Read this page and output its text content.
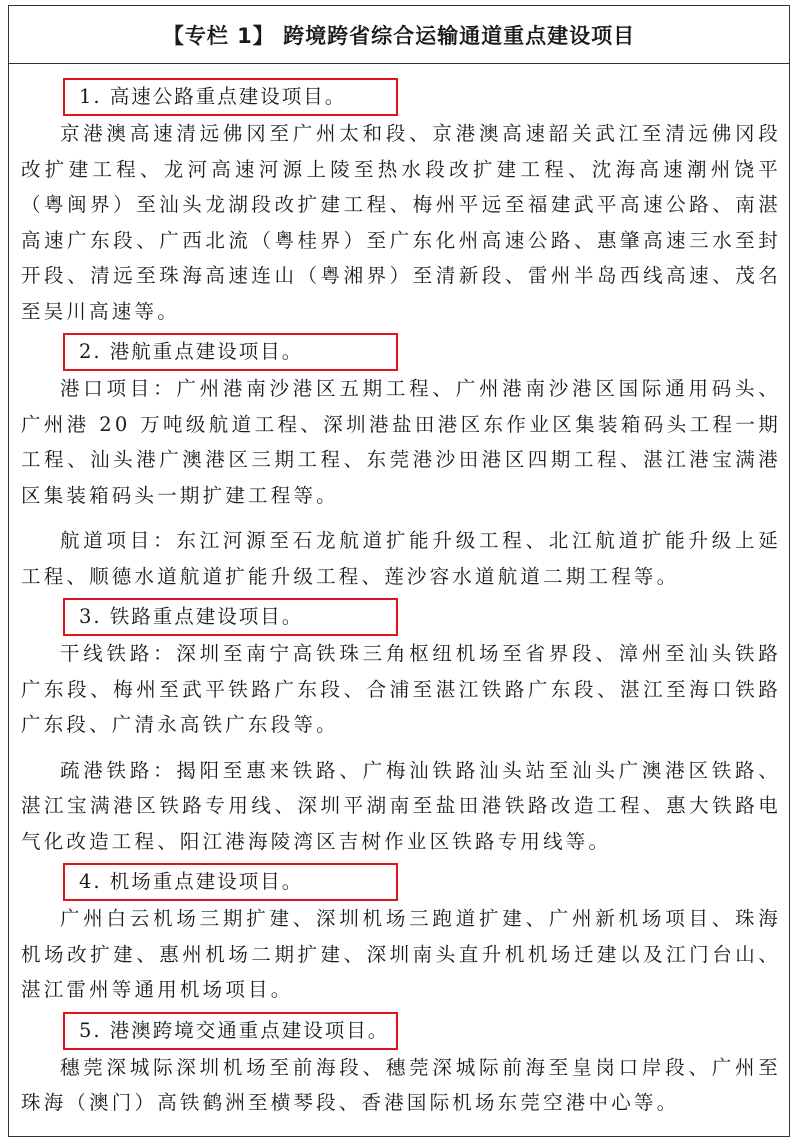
【专栏 1】 跨境跨省综合运输通道重点建设项目
1. 高速公路重点建设项目。

京港澳高速清远佛冈至广州太和段、京港澳高速韶关武江至清远佛冈段改扩建工程、龙河高速河源上陵至热水段改扩建工程、沈海高速潮州饶平（粤闽界）至汕头龙湖段改扩建工程、梅州平远至福建武平高速公路、南湛高速广东段、广西北流（粤桂界）至广东化州高速公路、惠肇高速三水至封开段、清远至珠海高速连山（粤湘界）至清新段、雷州半岛西线高速、茂名至吴川高速等。

2. 港航重点建设项目。

港口项目：广州港南沙港区五期工程、广州港南沙港区国际通用码头、广州港 20 万吨级航道工程、深圳港盐田港区东作业区集装箱码头工程一期工程、汕头港广澳港区三期工程、东莞港沙田港区四期工程、湛江港宝满港区集装箱码头一期扩建工程等。

航道项目：东江河源至石龙航道扩能升级工程、北江航道扩能升级上延工程、顺德水道航道扩能升级工程、莲沙容水道航道二期工程等。

3. 铁路重点建设项目。

干线铁路：深圳至南宁高铁珠三角枢纽机场至省界段、漳州至汕头铁路广东段、梅州至武平铁路广东段、合浦至湛江铁路广东段、湛江至海口铁路广东段、广清永高铁广东段等。

疏港铁路：揭阳至惠来铁路、广梅汕铁路汕头站至汕头广澳港区铁路、湛江宝满港区铁路专用线、深圳平湖南至盐田港铁路改造工程、惠大铁路电气化改造工程、阳江港海陵湾区吉树作业区铁路专用线等。

4. 机场重点建设项目。

广州白云机场三期扩建、深圳机场三跑道扩建、广州新机场项目、珠海机场改扩建、惠州机场二期扩建、深圳南头直升机机场迁建以及江门台山、湛江雷州等通用机场项目。

5. 港澳跨境交通重点建设项目。

穗莞深城际深圳机场至前海段、穗莞深城际前海至皇岗口岸段、广州至珠海（澳门）高铁鹤洲至横琴段、香港国际机场东莞空港中心等。
